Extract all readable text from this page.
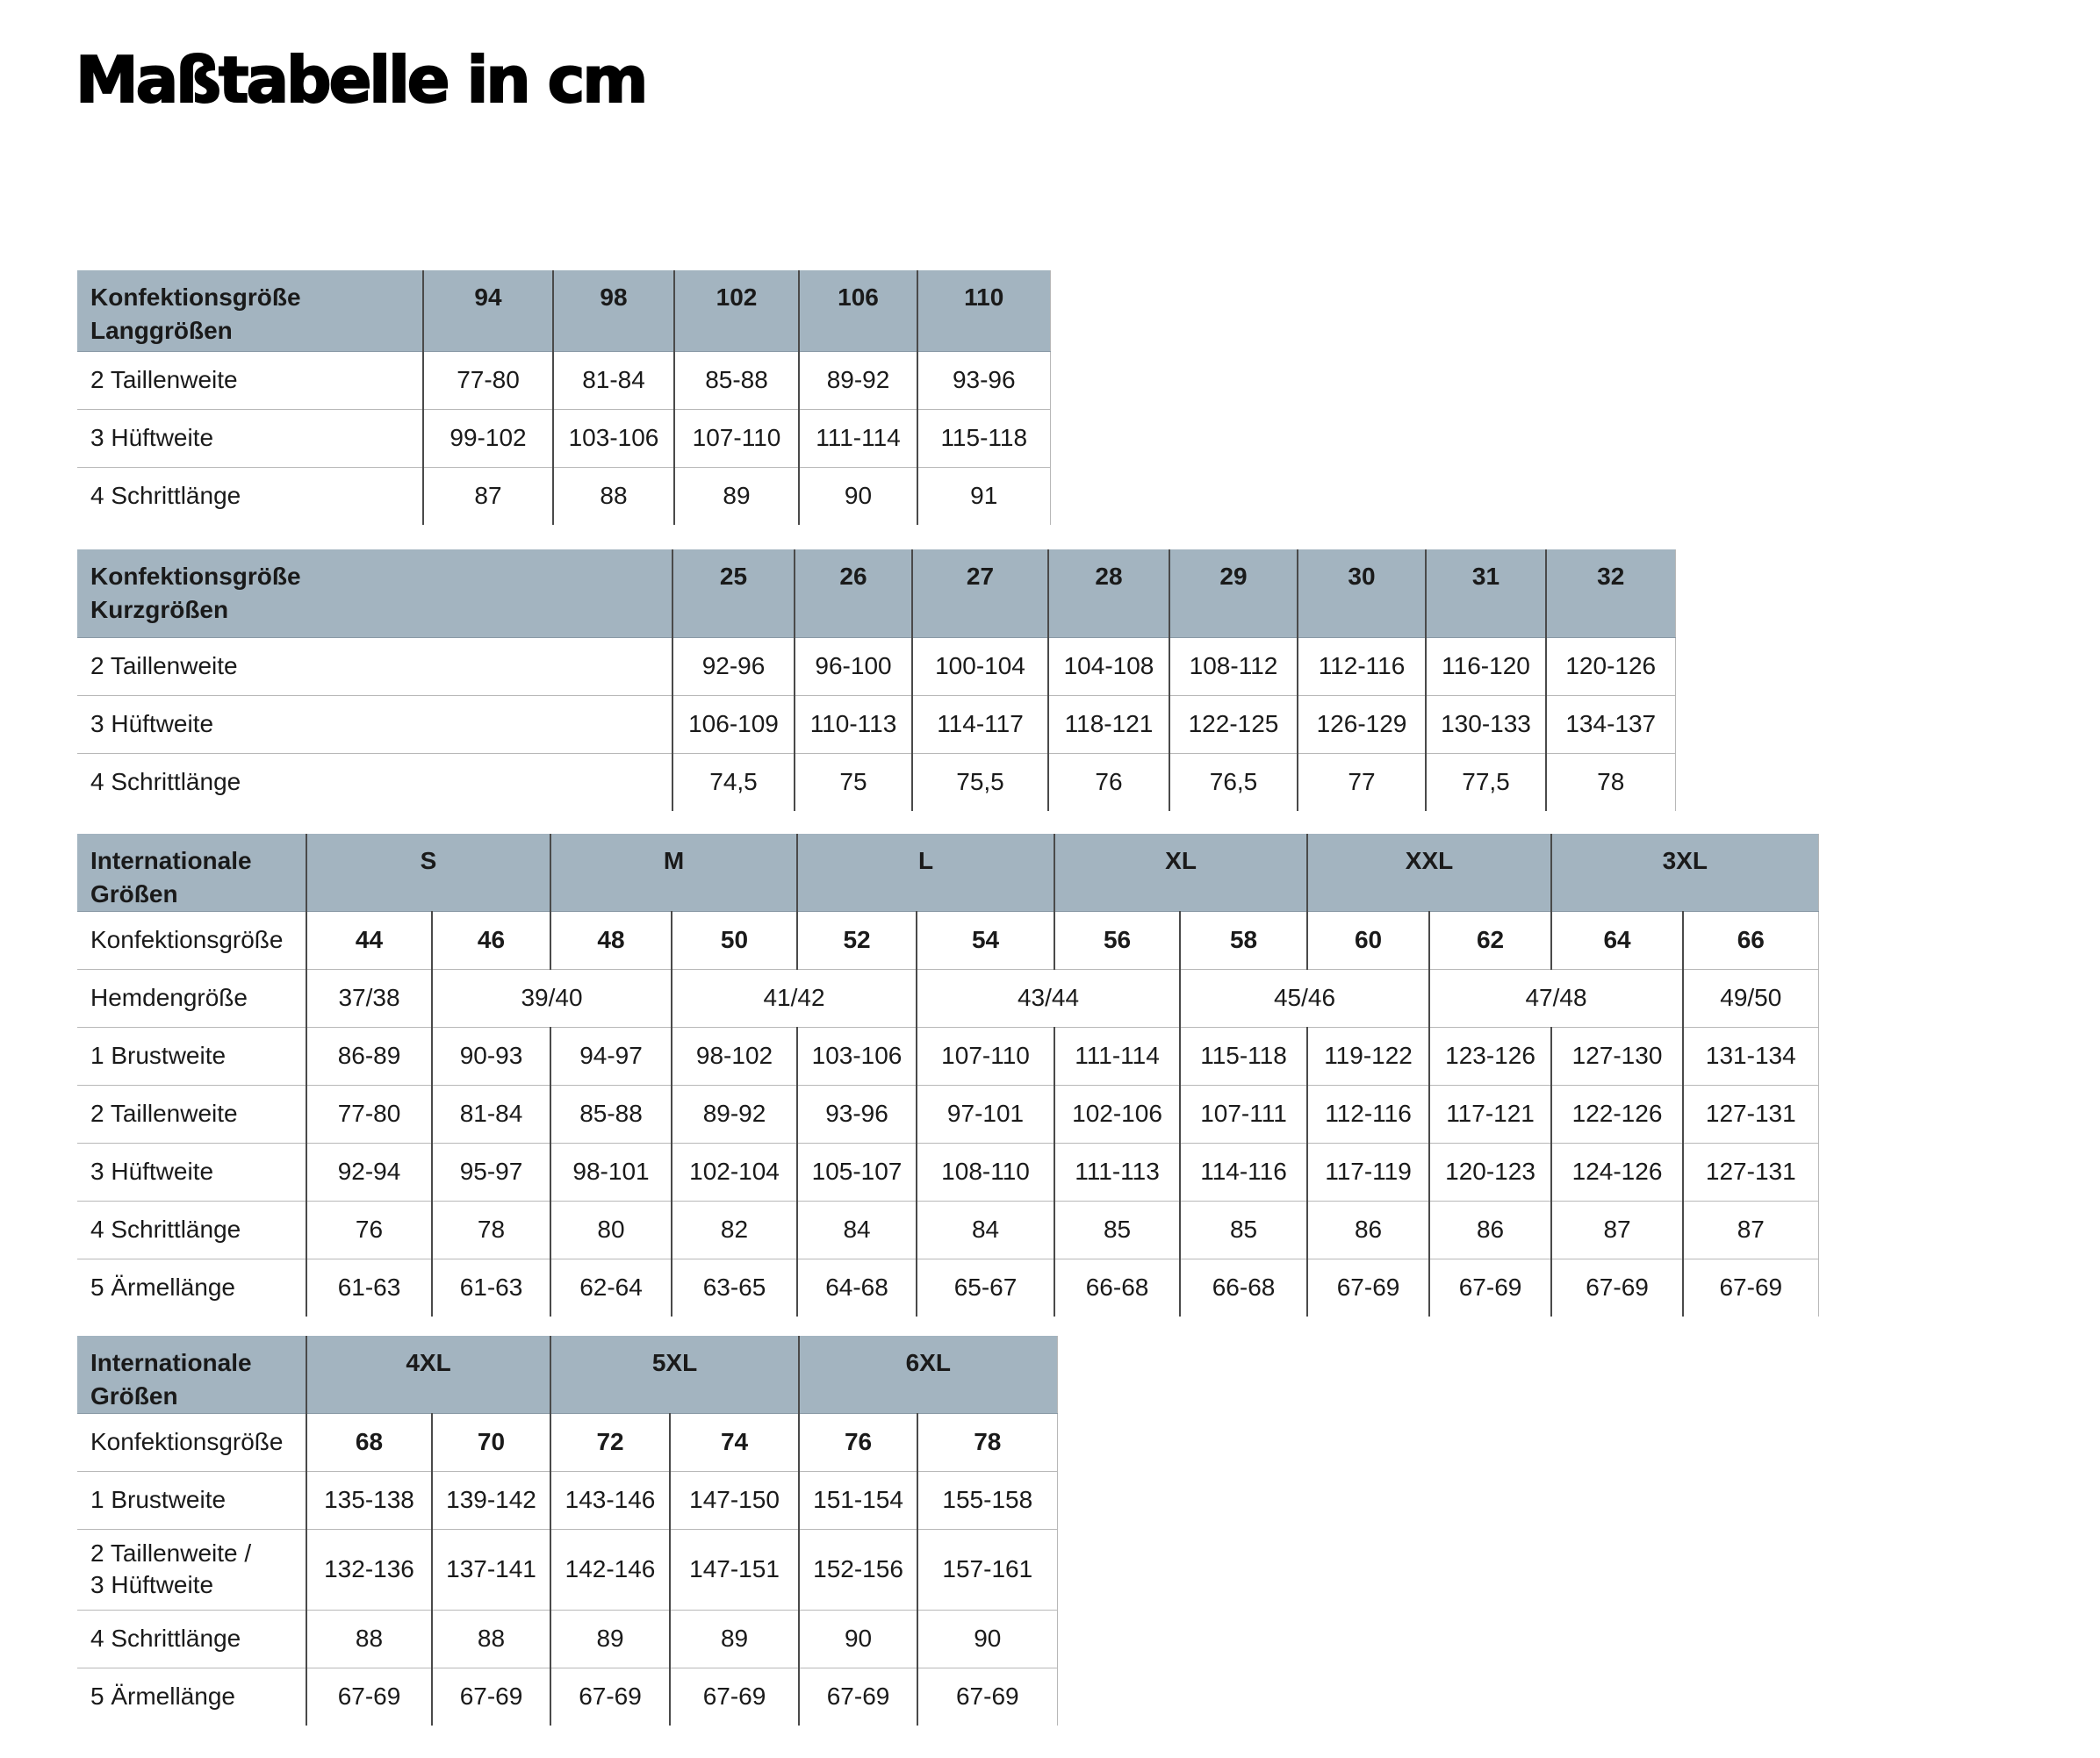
Maßtabelle in cm
Konfektionsgröße
Langgrößen	94	98	102	106	110
2 Taillenweite	77-80	81-84	85-88	89-92	93-96
3 Hüftweite	99-102	103-106	107-110	111-114	115-118
4 Schrittlänge	87	88	89	90	91
Konfektionsgröße
Kurzgrößen	25	26	27	28	29	30	31	32
2 Taillenweite	92-96	96-100	100-104	104-108	108-112	112-116	116-120	120-126
3 Hüftweite	106-109	110-113	114-117	118-121	122-125	126-129	130-133	134-137
4 Schrittlänge	74,5	75	75,5	76	76,5	77	77,5	78
Internationale
Größen	S		M		L		XL		XXL		3XL	
Konfektionsgröße	44	46	48	50	52	54	56	58	60	62	64	66
Hemdengröße	37/38	39/40		41/42		43/44		45/46		47/48		49/50
1 Brustweite	86-89	90-93	94-97	98-102	103-106	107-110	111-114	115-118	119-122	123-126	127-130	131-134
2 Taillenweite	77-80	81-84	85-88	89-92	93-96	97-101	102-106	107-111	112-116	117-121	122-126	127-131
3 Hüftweite	92-94	95-97	98-101	102-104	105-107	108-110	111-113	114-116	117-119	120-123	124-126	127-131
4 Schrittlänge	76	78	80	82	84	84	85	85	86	86	87	87
5 Ärmellänge	61-63	61-63	62-64	63-65	64-68	65-67	66-68	66-68	67-69	67-69	67-69	67-69
Internationale
Größen	4XL		5XL		6XL	
Konfektionsgröße	68	70	72	74	76	78
1 Brustweite	135-138	139-142	143-146	147-150	151-154	155-158
2 Taillenweite /
3 Hüftweite	132-136	137-141	142-146	147-151	152-156	157-161
4 Schrittlänge	88	88	89	89	90	90
5 Ärmellänge	67-69	67-69	67-69	67-69	67-69	67-69
